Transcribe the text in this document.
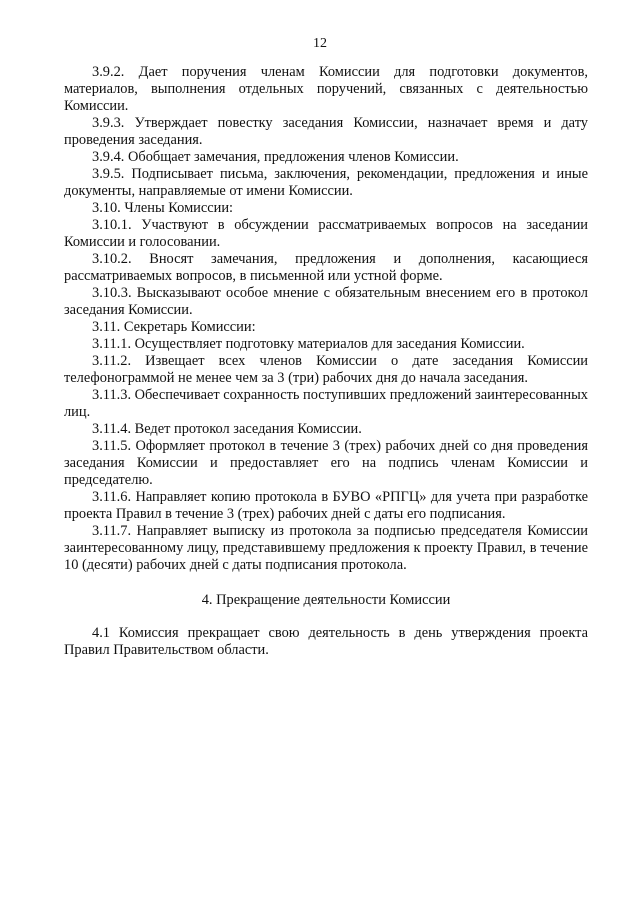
12

3.9.2. Дает поручения членам Комиссии для подготовки документов, материалов, выполнения отдельных поручений, связанных с деятельностью Комиссии.

3.9.3. Утверждает повестку заседания Комиссии, назначает время и дату проведения заседания.

3.9.4. Обобщает замечания, предложения членов Комиссии.

3.9.5. Подписывает письма, заключения, рекомендации, предложения и иные документы, направляемые от имени Комиссии.

3.10. Члены Комиссии:

3.10.1. Участвуют в обсуждении рассматриваемых вопросов на заседании Комиссии и голосовании.

3.10.2. Вносят замечания, предложения и дополнения, касающиеся рассматриваемых вопросов, в письменной или устной форме.

3.10.3. Высказывают особое мнение с обязательным внесением его в протокол заседания Комиссии.

3.11. Секретарь Комиссии:

3.11.1. Осуществляет подготовку материалов для заседания Комиссии.

3.11.2. Извещает всех членов Комиссии о дате заседания Комиссии телефонограммой не менее чем за 3 (три) рабочих дня до начала заседания.

3.11.3. Обеспечивает сохранность поступивших предложений заинтересованных лиц.

3.11.4. Ведет протокол заседания Комиссии.

3.11.5. Оформляет протокол в течение 3 (трех) рабочих дней со дня проведения заседания Комиссии и предоставляет его на подпись членам Комиссии и председателю.

3.11.6. Направляет копию протокола в БУВО «РПГЦ» для учета при разработке проекта Правил в течение 3 (трех) рабочих дней с даты его подписания.

3.11.7. Направляет выписку из протокола за подписью председателя Комиссии заинтересованному лицу, представившему предложения к проекту Правил, в течение 10 (десяти) рабочих дней с даты подписания протокола.

4. Прекращение деятельности Комиссии

4.1 Комиссия прекращает свою деятельность в день утверждения проекта Правил Правительством области.
